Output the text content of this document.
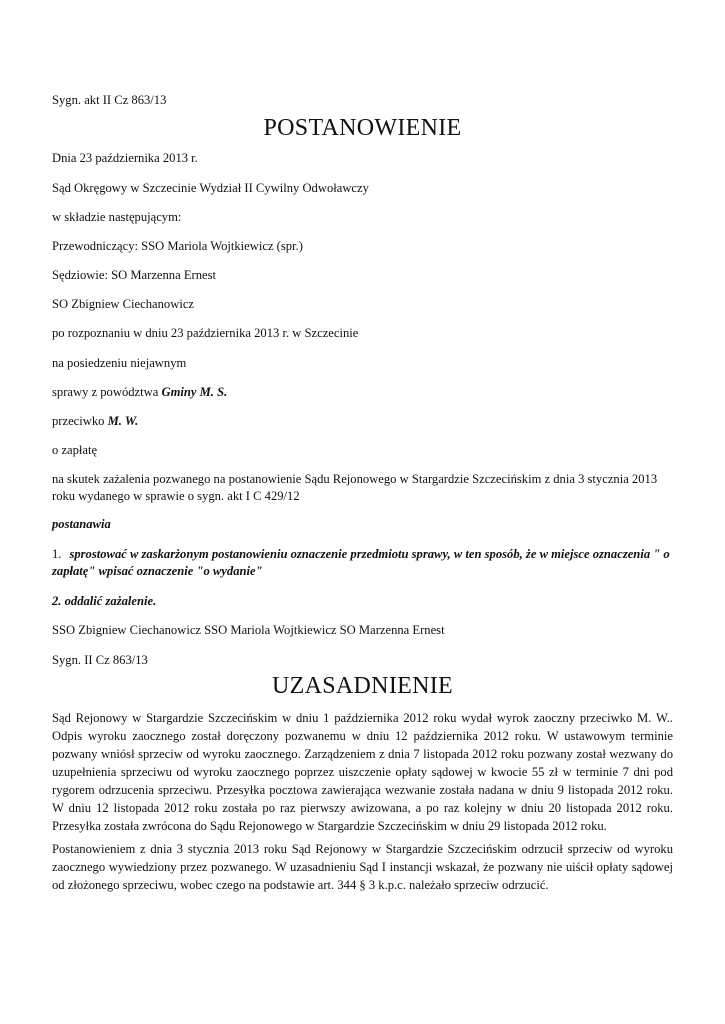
Sygn. akt II Cz 863/13
POSTANOWIENIE
Dnia 23 października 2013 r.
Sąd Okręgowy w Szczecinie Wydział II Cywilny Odwoławczy
w składzie następującym:
Przewodniczący: SSO Mariola Wojtkiewicz (spr.)
Sędziowie: SO Marzenna Ernest
SO Zbigniew Ciechanowicz
po rozpoznaniu w dniu 23 października 2013 r. w Szczecinie
na posiedzeniu niejawnym
sprawy z powództwa Gminy M. S.
przeciwko M. W.
o zapłatę
na skutek zażalenia pozwanego na postanowienie Sądu Rejonowego w Stargardzie Szczecińskim z dnia 3 stycznia 2013 roku wydanego w sprawie o sygn. akt I C 429/12
postanawia
1. sprostować w zaskarżonym postanowieniu oznaczenie przedmiotu sprawy, w ten sposób, że w miejsce oznaczenia " o zapłatę" wpisać oznaczenie "o wydanie"
2. oddalić zażalenie.
SSO Zbigniew Ciechanowicz SSO Mariola Wojtkiewicz SO Marzenna Ernest
Sygn. II Cz 863/13
UZASADNIENIE
Sąd Rejonowy w Stargardzie Szczecińskim w dniu 1 października 2012 roku wydał wyrok zaoczny przeciwko M. W.. Odpis wyroku zaocznego został doręczony pozwanemu w dniu 12 października 2012 roku. W ustawowym terminie pozwany wniósł sprzeciw od wyroku zaocznego. Zarządzeniem z dnia 7 listopada 2012 roku pozwany został wezwany do uzupełnienia sprzeciwu od wyroku zaocznego poprzez uiszczenie opłaty sądowej w kwocie 55 zł w terminie 7 dni pod rygorem odrzucenia sprzeciwu. Przesyłka pocztowa zawierająca wezwanie została nadana w dniu 9 listopada 2012 roku. W dniu 12 listopada 2012 roku została po raz pierwszy awizowana, a po raz kolejny w dniu 20 listopada 2012 roku. Przesyłka została zwrócona do Sądu Rejonowego w Stargardzie Szczecińskim w dniu 29 listopada 2012 roku.
Postanowieniem z dnia 3 stycznia 2013 roku Sąd Rejonowy w Stargardzie Szczecińskim odrzucił sprzeciw od wyroku zaocznego wywiedziony przez pozwanego. W uzasadnieniu Sąd I instancji wskazał, że pozwany nie uiścił opłaty sądowej od złożonego sprzeciwu, wobec czego na podstawie art. 344 § 3 k.p.c. należało sprzeciw odrzucić.
